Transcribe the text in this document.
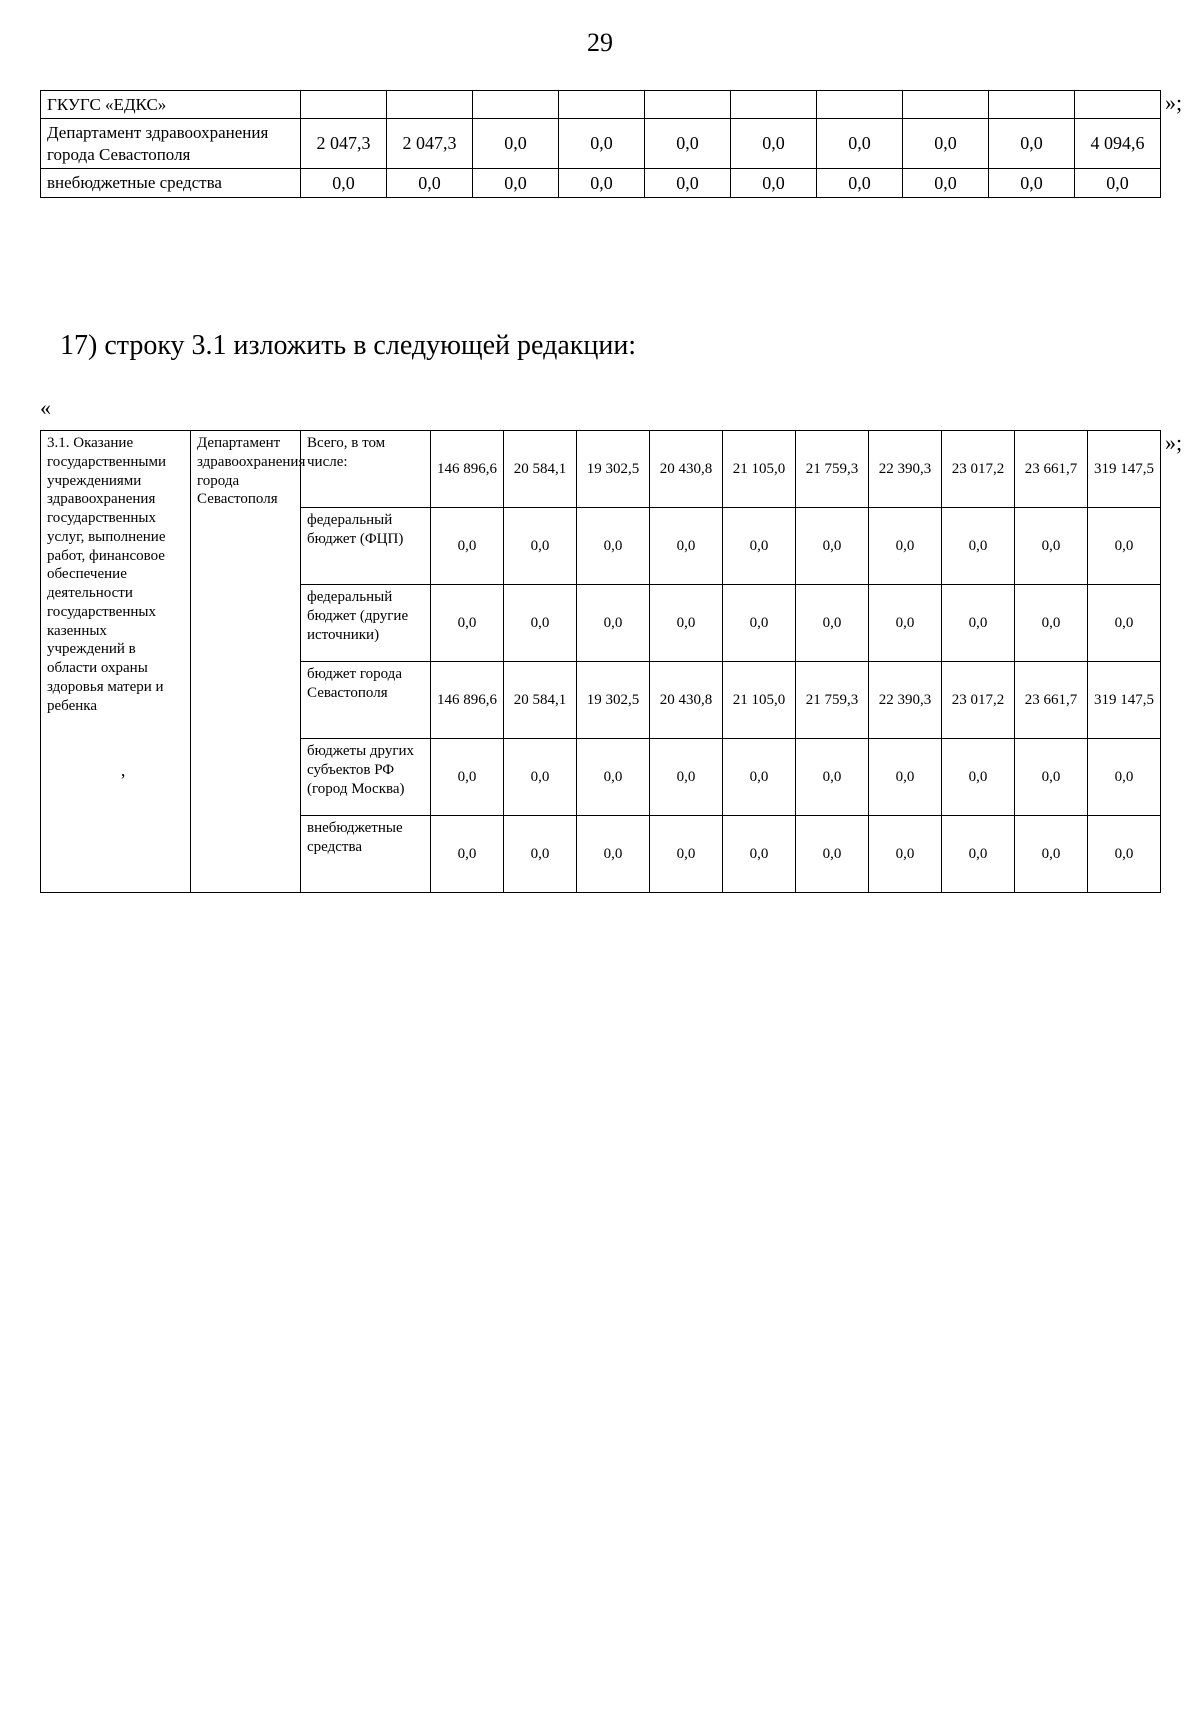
29
»;
ГКУГС «ЕДКС»										
Департамент здравоохранения города Севастополя	2 047,3	2 047,3	0,0	0,0	0,0	0,0	0,0	0,0	0,0	4 094,6
внебюджетные средства	0,0	0,0	0,0	0,0	0,0	0,0	0,0	0,0	0,0	0,0
17) строку 3.1 изложить в следующей редакции:
«
’
3.1. Оказание государственными учреждениями здравоохранения государственных услуг, выполнение работ, финансовое обеспечение деятельности государственных казенных учреждений в области охраны здоровья матери и ребенка	Департамент здравоохранения города Севастополя	Всего, в том числе:	146 896,6	20 584,1	19 302,5	20 430,8	21 105,0	21 759,3	22 390,3	23 017,2	23 661,7	319 147,5
		федеральный бюджет (ФЦП)	0,0	0,0	0,0	0,0	0,0	0,0	0,0	0,0	0,0	0,0
		федеральный бюджет (другие источники)	0,0	0,0	0,0	0,0	0,0	0,0	0,0	0,0	0,0	0,0
		бюджет города Севастополя	146 896,6	20 584,1	19 302,5	20 430,8	21 105,0	21 759,3	22 390,3	23 017,2	23 661,7	319 147,5
		бюджеты других субъектов РФ (город Москва)	0,0	0,0	0,0	0,0	0,0	0,0	0,0	0,0	0,0	0,0
		внебюджетные средства	0,0	0,0	0,0	0,0	0,0	0,0	0,0	0,0	0,0	0,0
»;
